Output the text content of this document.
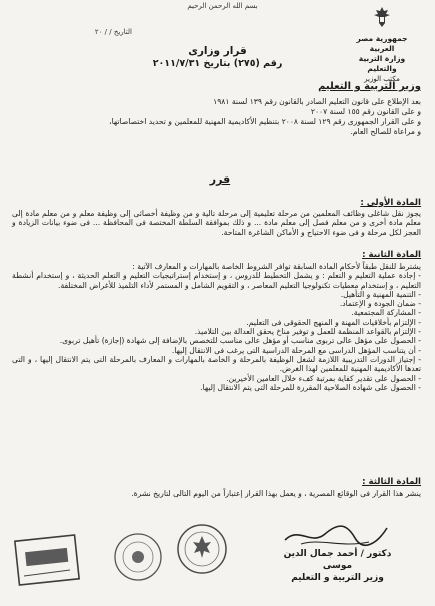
بسم الله الرحمن الرحيم
جمهورية مصر العربية
وزارة التربية والتعليم
مكتب الوزير
التاريخ / / ٢٠
قرار وزارى
رقم (٢٧٥) بتاريخ ٢٠١١/٧/٣١
وزير التربية و التعليم

بعد الإطلاع على قانون التعليم الصادر بالقانون رقم ١٣٩ لسنة ١٩٨١

و على القانون رقم ١٥٥ لسنة ٢٠٠٧

و على القرار الجمهورى رقم ١٢٩ لسنة ٢٠٠٨ بتنظيم الأكاديمية المهنية للمعلمين و تحديد اختصاصاتها،

و مراعاة للصالح العام.

قرر
المادة الأولى :
يجوز نقل شاغلى وظائف المعلمين من مرحلة تعليمية إلى مرحلة تالية و من وظيفة أخصائى إلى وظيفة معلم و من معلم مادة إلى معلم مادة أخرى و من معلم فصل إلى معلم مادة ... و ذلك بموافقة السلطة المختصة فى المحافظة ... فى ضوء بيانات الزيادة و العجز لكل مرحلة و فى ضوء الاحتياج و الأماكن الشاغرة المتاحة.
المادة الثانية :

يشترط للنقل طبقاً لأحكام المادة السابقة توافر الشروط الخاصة بالمهارات و المعارف الآتية :

- إجادة عملية التعليم و التعلم : و يشمل التخطيط للدروس ، و إستخدام إستراتيجيات التعليم و التعلم الحديثة ، و إستخدام أنشطة التعليم ، و إستخدام معطيات تكنولوجيا التعليم المعاصر ، و التقويم الشامل و المستمر لأداء التلميذ للأغراض المختلفة.

- التنمية المهنية و التأهيل.

- ضمان الجودة و الإعتماد.

- المشاركة المجتمعية.

- الإلتزام بأخلاقيات المهنة و المنهج الحقوقى فى التعليم.

- الإلتزام بالقواعد المنظمة للعمل و توفير مناخ يحقق العدالة بين التلاميذ.

- الحصول على مؤهل عالى تربوى مناسب أو مؤهل عالى مناسب للتخصص بالإضافة إلى شهادة (إجازة) تأهيل تربوى.

- أن يتناسب المؤهل الدراسى مع المرحلة الدراسية التى يرغب فى الانتقال إليها.

- إجتياز الدورات التدريبية اللازمة لشغل الوظيفة بالمرحلة و الخاصة بالمهارات و المعارف بالمرحلة التى يتم الانتقال إليها ، و التى تعدها الأكاديمية المهنية للمعلمين لهذا الغرض.

- الحصول على تقدير كفاية بمرتبة كفء خلال العامين الأخيرين.

- الحصول على شهادة الصلاحية المقررة للمرحلة التى يتم الانتقال إليها.

المادة الثالثة :
ينشر هذا القرار فى الوقائع المصرية ، و يعمل بهذا القرار إعتباراً من اليوم التالى لتاريخ نشرة.
دكتور / أحمد جمال الدين موسى
وزير التربية و التعليم
